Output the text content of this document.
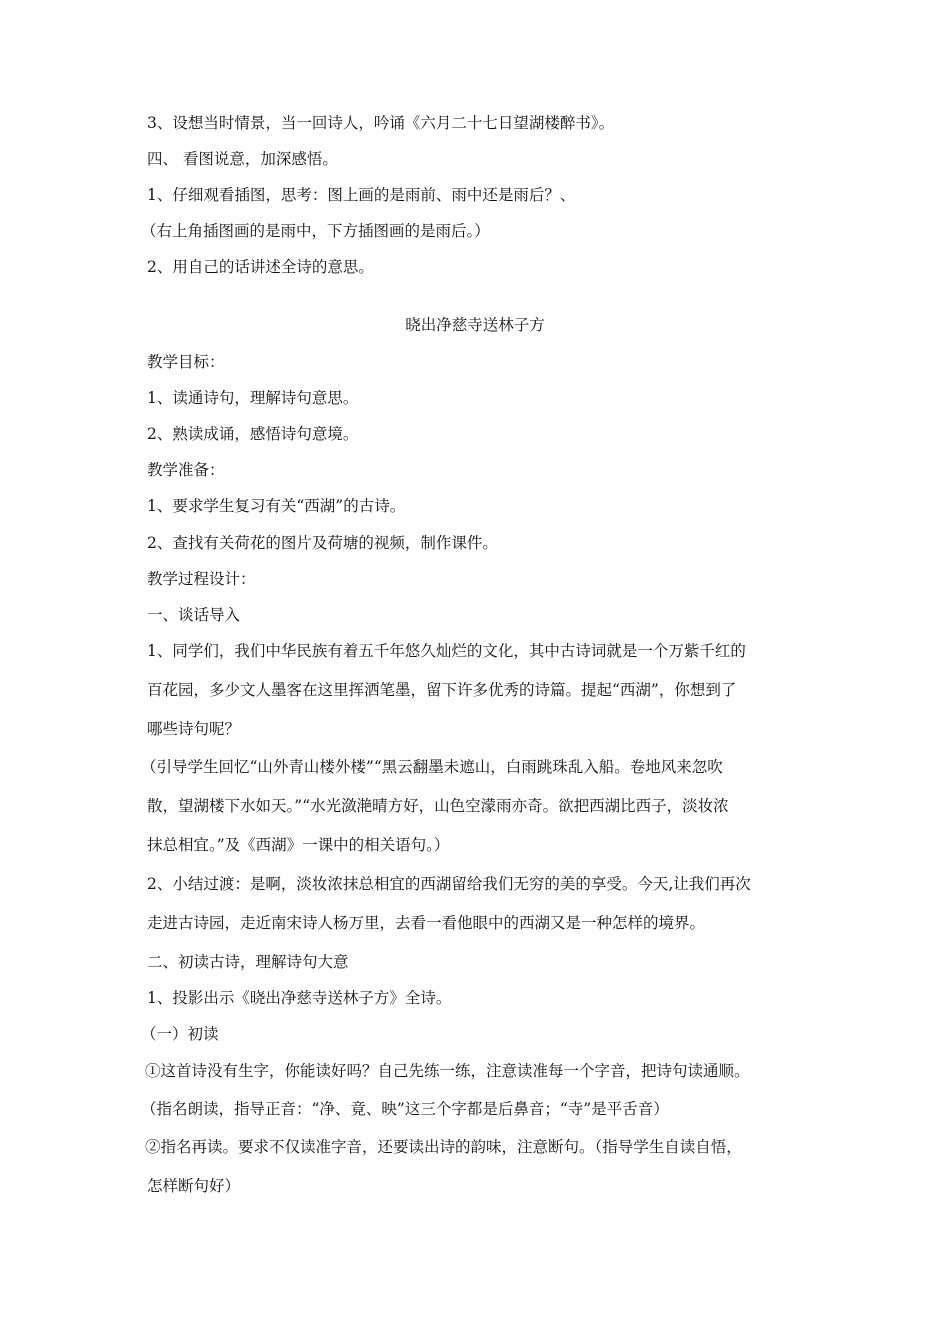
3、设想当时情景，当一回诗人，吟诵《六月二十七日望湖楼醉书》。
四、 看图说意，加深感悟。
1、仔细观看插图，思考：图上画的是雨前、雨中还是雨后？、
（右上角插图画的是雨中，下方插图画的是雨后。）
2、用自己的话讲述全诗的意思。
晓出净慈寺送林子方
教学目标：
1、读通诗句，理解诗句意思。
2、熟读成诵，感悟诗句意境。
教学准备：
1、要求学生复习有关“西湖”的古诗。
2、查找有关荷花的图片及荷塘的视频，制作课件。
教学过程设计：
一、谈话导入
1、同学们，我们中华民族有着五千年悠久灿烂的文化，其中古诗词就是一个万紫千红的
百花园，多少文人墨客在这里挥洒笔墨，留下许多优秀的诗篇。提起“西湖”，你想到了
哪些诗句呢？
（引导学生回忆“山外青山楼外楼”“黑云翻墨未遮山，白雨跳珠乱入船。卷地风来忽吹
散，望湖楼下水如天。”“水光潋滟晴方好，山色空濛雨亦奇。欲把西湖比西子，淡妆浓
抹总相宜。”及《西湖》一课中的相关语句。）
2、小结过渡：是啊，淡妆浓抹总相宜的西湖留给我们无穷的美的享受。今天,让我们再次
走进古诗园，走近南宋诗人杨万里，去看一看他眼中的西湖又是一种怎样的境界。
二、初读古诗，理解诗句大意
1、投影出示《晓出净慈寺送林子方》全诗。
（一）初读
①这首诗没有生字，你能读好吗？自己先练一练，注意读准每一个字音，把诗句读通顺。
（指名朗读，指导正音：“净、竟、映”这三个字都是后鼻音；“寺”是平舌音）
②指名再读。要求不仅读准字音，还要读出诗的韵味，注意断句。（指导学生自读自悟，
怎样断句好）
